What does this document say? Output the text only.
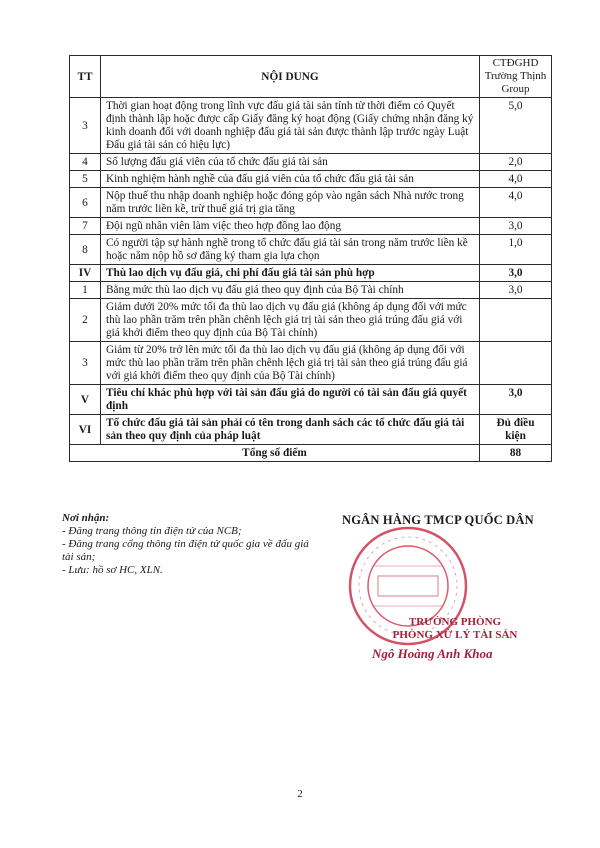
TT	NỘI DUNG	CTĐGHD Trường Thịnh Group
3	Thời gian hoạt động trong lĩnh vực đấu giá tài sản tính từ thời điểm có Quyết định thành lập hoặc được cấp Giấy đăng ký hoạt động (Giấy chứng nhận đăng ký kinh doanh đối với doanh nghiệp đấu giá tài sản được thành lập trước ngày Luật Đấu giá tài sản có hiệu lực)	5,0
4	Số lượng đấu giá viên của tổ chức đấu giá tài sản	2,0
5	Kinh nghiệm hành nghề của đấu giá viên của tổ chức đấu giá tài sản	4,0
6	Nộp thuế thu nhập doanh nghiệp hoặc đóng góp vào ngân sách Nhà nước trong năm trước liền kề, trừ thuế giá trị gia tăng	4,0
7	Đội ngũ nhân viên làm việc theo hợp đồng lao động	3,0
8	Có người tập sự hành nghề trong tổ chức đấu giá tài sản trong năm trước liền kề hoặc năm nộp hồ sơ đăng ký tham gia lựa chọn	1,0
IV	Thù lao dịch vụ đấu giá, chi phí đấu giá tài sản phù hợp	3,0
1	Bằng mức thù lao dịch vụ đấu giá theo quy định của Bộ Tài chính	3,0
2	Giảm dưới 20% mức tối đa thù lao dịch vụ đấu giá (không áp dụng đối với mức thù lao phần trăm trên phần chênh lệch giá trị tài sản theo giá trúng đấu giá với giá khởi điểm theo quy định của Bộ Tài chính)	
3	Giảm từ 20% trở lên mức tối đa thù lao dịch vụ đấu giá (không áp dụng đối với mức thù lao phần trăm trên phần chênh lệch giá trị tài sản theo giá trúng đấu giá với giá khởi điểm theo quy định của Bộ Tài chính)	
V	Tiêu chí khác phù hợp với tài sản đấu giá do người có tài sản đấu giá quyết định	3,0
VI	Tổ chức đấu giá tài sản phải có tên trong danh sách các tổ chức đấu giá tài sản theo quy định của pháp luật	Đủ điều kiện
Tổng số điểm		88
Nơi nhận:
- Đăng trang thông tin điện tử của NCB;
- Đăng trang cổng thông tin điện tử quốc gia về đấu giá tài sản;
- Lưu: hồ sơ HC, XLN.
NGÂN HÀNG TMCP QUỐC DÂN
TRƯỞNG PHÒNG
PHÒNG XỬ LÝ TÀI SẢN
Ngô Hoàng Anh Khoa
2
